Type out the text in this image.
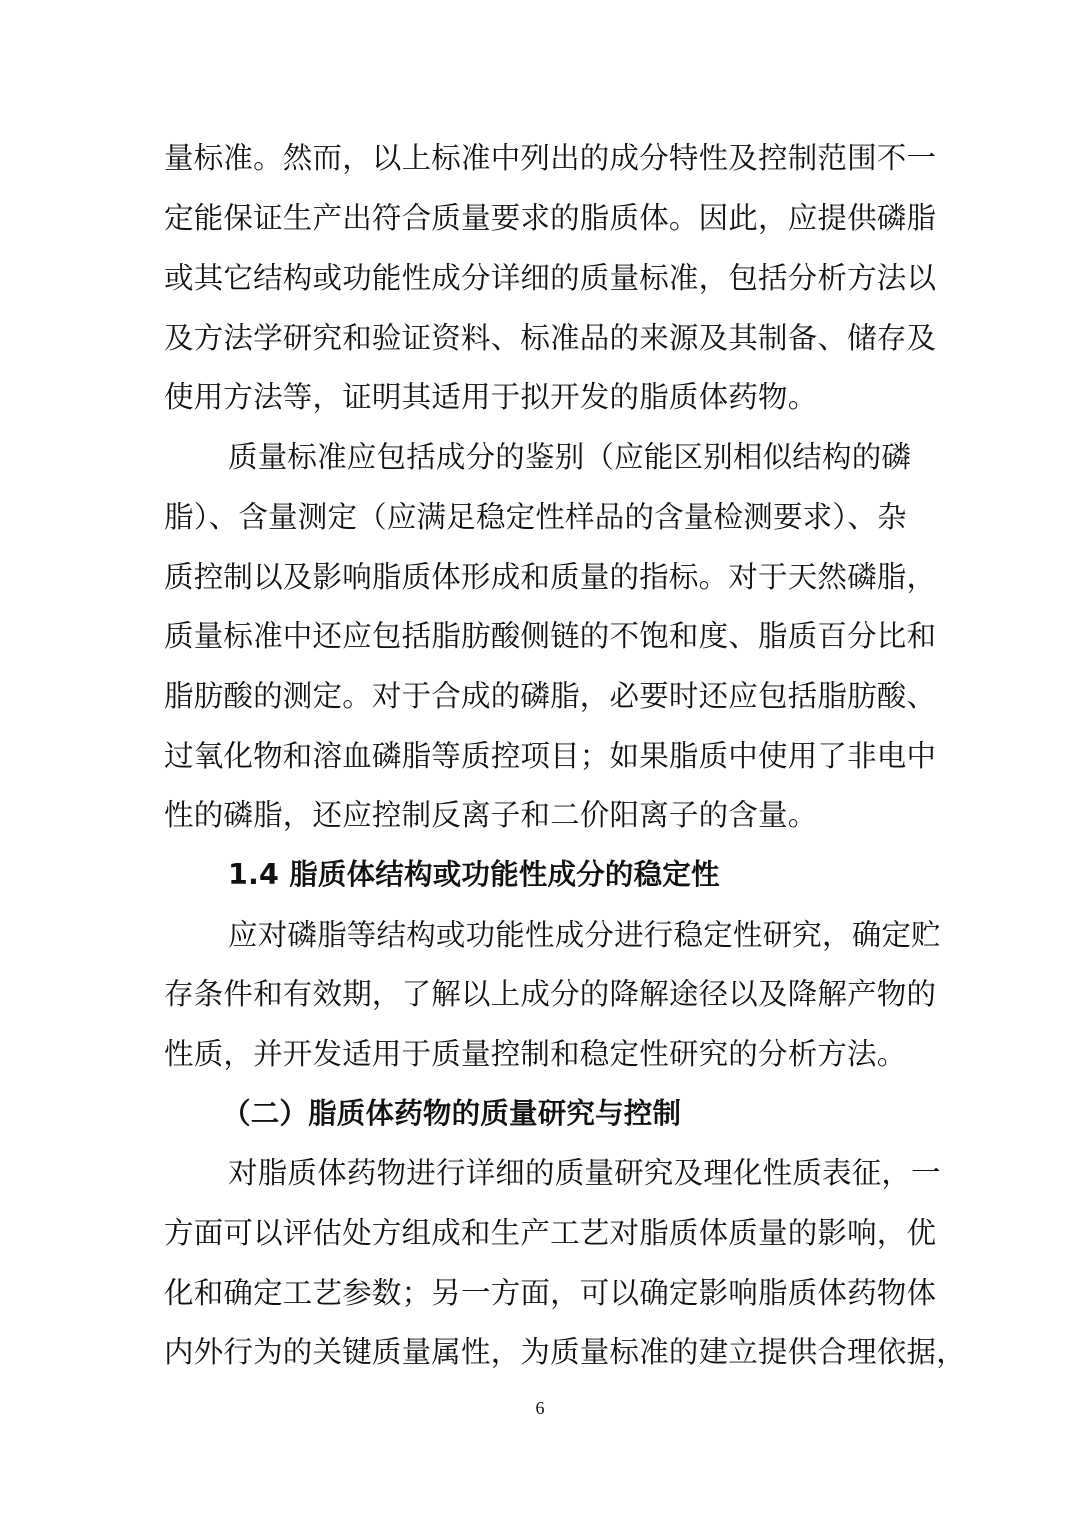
量标准。然而，以上标准中列出的成分特性及控制范围不一
定能保证生产出符合质量要求的脂质体。因此，应提供磷脂
或其它结构或功能性成分详细的质量标准，包括分析方法以
及方法学研究和验证资料、标准品的来源及其制备、储存及
使用方法等，证明其适用于拟开发的脂质体药物。
质量标准应包括成分的鉴别（应能区别相似结构的磷
脂）、含量测定（应满足稳定性样品的含量检测要求）、杂
质控制以及影响脂质体形成和质量的指标。对于天然磷脂，
质量标准中还应包括脂肪酸侧链的不饱和度、脂质百分比和
脂肪酸的测定。对于合成的磷脂，必要时还应包括脂肪酸、
过氧化物和溶血磷脂等质控项目；如果脂质中使用了非电中
性的磷脂，还应控制反离子和二价阳离子的含量。
1.4 脂质体结构或功能性成分的稳定性
应对磷脂等结构或功能性成分进行稳定性研究，确定贮
存条件和有效期，了解以上成分的降解途径以及降解产物的
性质，并开发适用于质量控制和稳定性研究的分析方法。
（二）脂质体药物的质量研究与控制
对脂质体药物进行详细的质量研究及理化性质表征，一
方面可以评估处方组成和生产工艺对脂质体质量的影响，优
化和确定工艺参数；另一方面，可以确定影响脂质体药物体
内外行为的关键质量属性，为质量标准的建立提供合理依据，
6
